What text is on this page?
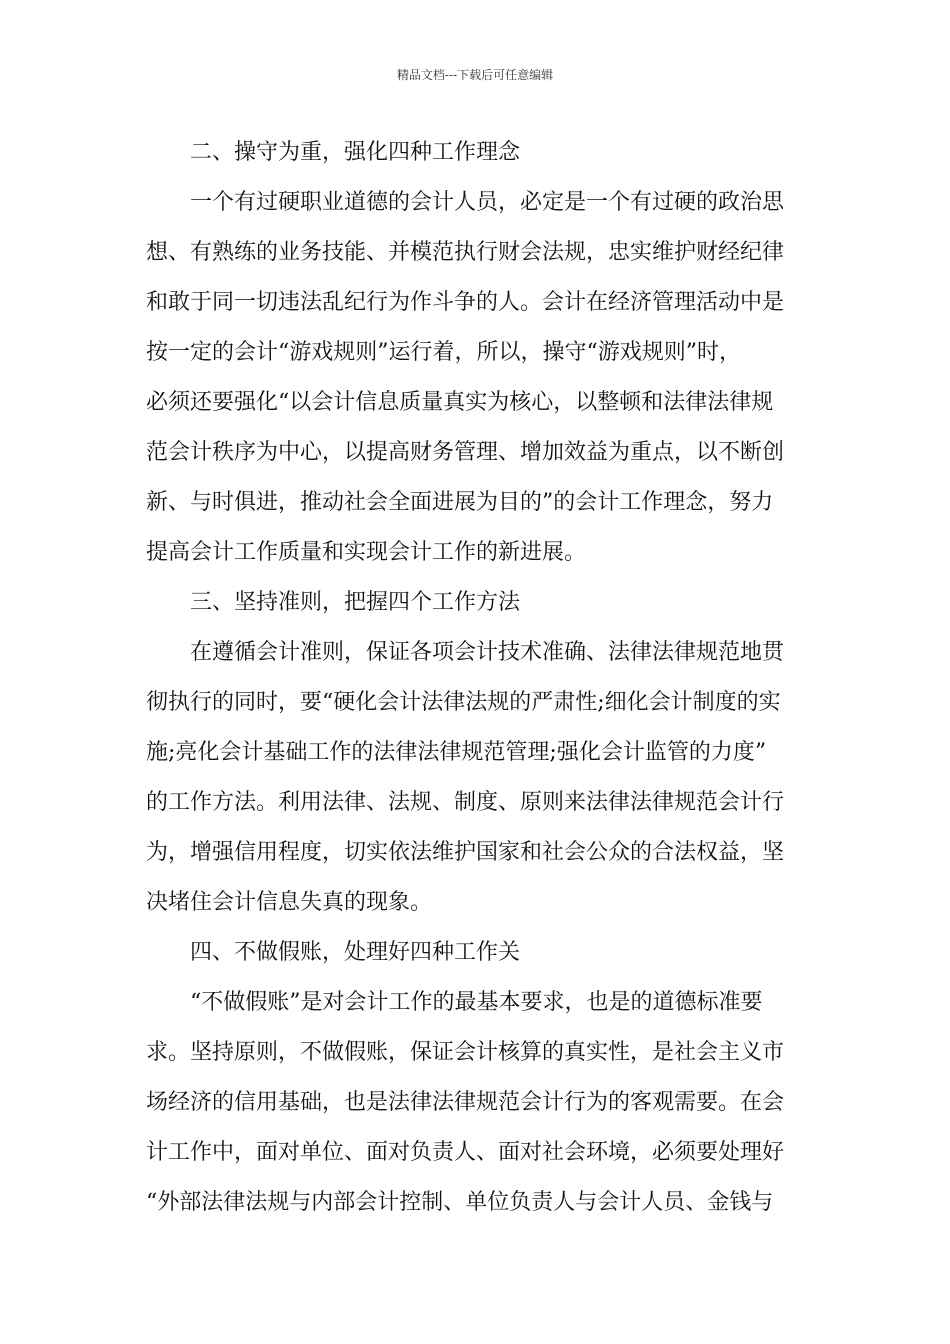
精品文档---下载后可任意编辑
二、操守为重，强化四种工作理念
一个有过硬职业道德的会计人员，必定是一个有过硬的政治思
想、有熟练的业务技能、并模范执行财会法规，忠实维护财经纪律
和敢于同一切违法乱纪行为作斗争的人。会计在经济管理活动中是
按一定的会计“游戏规则”运行着，所以，操守“游戏规则”时，
必须还要强化“以会计信息质量真实为核心，以整顿和法律法律规
范会计秩序为中心，以提高财务管理、增加效益为重点，以不断创
新、与时俱进，推动社会全面进展为目的”的会计工作理念，努力
提高会计工作质量和实现会计工作的新进展。
三、坚持准则，把握四个工作方法
在遵循会计准则，保证各项会计技术准确、法律法律规范地贯
彻执行的同时，要“硬化会计法律法规的严肃性;细化会计制度的实
施;亮化会计基础工作的法律法律规范管理;强化会计监管的力度”
的工作方法。利用法律、法规、制度、原则来法律法律规范会计行
为，增强信用程度，切实依法维护国家和社会公众的合法权益，坚
决堵住会计信息失真的现象。
四、不做假账，处理好四种工作关
“不做假账”是对会计工作的最基本要求，也是的道德标准要
求。坚持原则，不做假账，保证会计核算的真实性，是社会主义市
场经济的信用基础，也是法律法律规范会计行为的客观需要。在会
计工作中，面对单位、面对负责人、面对社会环境，必须要处理好
“外部法律法规与内部会计控制、单位负责人与会计人员、金钱与
